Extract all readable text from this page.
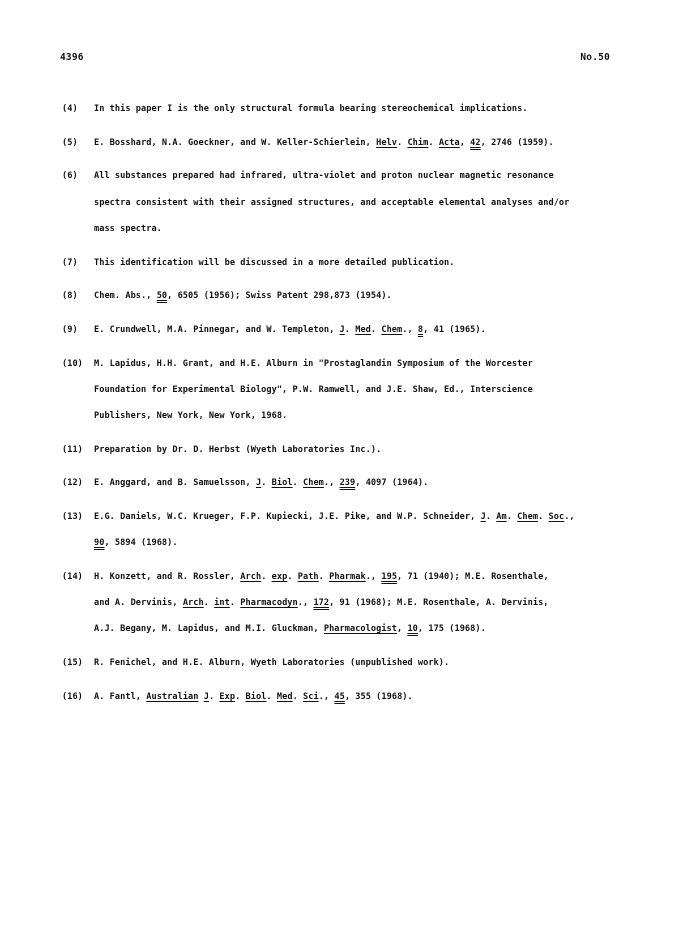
4396	No.50
(4) In this paper I is the only structural formula bearing stereochemical implications.
(5) E. Bosshard, N.A. Goeckner, and W. Keller-Schierlein, Helv. Chim. Acta, 42, 2746 (1959).
(6) All substances prepared had infrared, ultra-violet and proton nuclear magnetic resonance
spectra consistent with their assigned structures, and acceptable elemental analyses and/or
mass spectra.
(7) This identification will be discussed in a more detailed publication.
(8) Chem. Abs., 50, 6505 (1956); Swiss Patent 298,873 (1954).
(9) E. Crundwell, M.A. Pinnegar, and W. Templeton, J. Med. Chem., 8, 41 (1965).
(10) M. Lapidus, H.H. Grant, and H.E. Alburn in "Prostaglandin Symposium of the Worcester
Foundation for Experimental Biology", P.W. Ramwell, and J.E. Shaw, Ed., Interscience
Publishers, New York, New York, 1968.
(11) Preparation by Dr. D. Herbst (Wyeth Laboratories Inc.).
(12) E. Anggard, and B. Samuelsson, J. Biol. Chem., 239, 4097 (1964).
(13) E.G. Daniels, W.C. Krueger, F.P. Kupiecki, J.E. Pike, and W.P. Schneider, J. Am. Chem. Soc.,
90, 5894 (1968).
(14) H. Konzett, and R. Rossler, Arch. exp. Path. Pharmak., 195, 71 (1940); M.E. Rosenthale,
and A. Dervinis, Arch. int. Pharmacodyn., 172, 91 (1968); M.E. Rosenthale, A. Dervinis,
A.J. Begany, M. Lapidus, and M.I. Gluckman, Pharmacologist, 10, 175 (1968).
(15) R. Fenichel, and H.E. Alburn, Wyeth Laboratories (unpublished work).
(16) A. Fantl, Australian J. Exp. Biol. Med. Sci., 45, 355 (1968).
